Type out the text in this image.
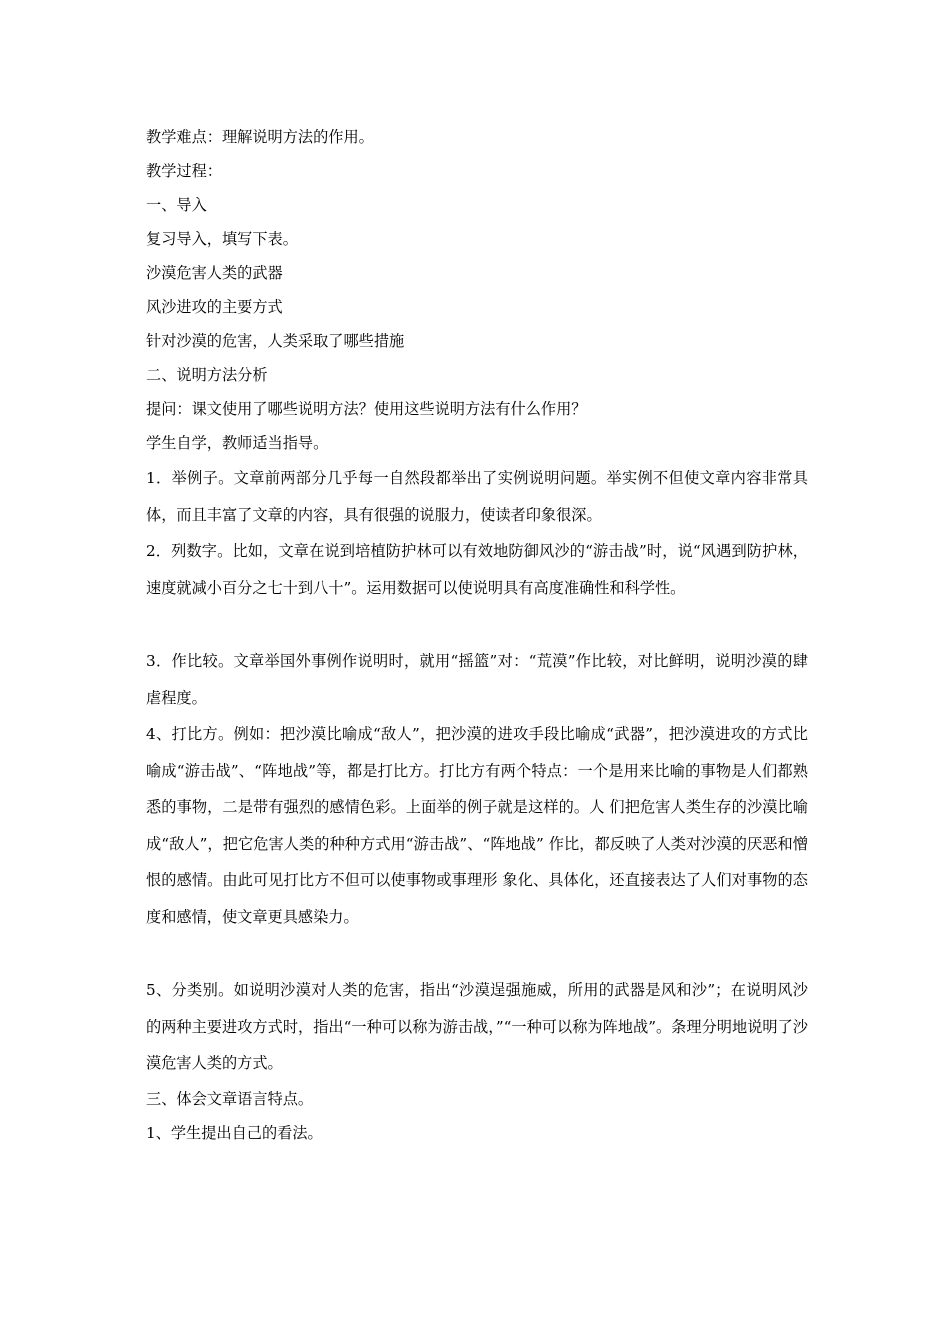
教学难点：理解说明方法的作用。
教学过程：
一、导入
复习导入，填写下表。
沙漠危害人类的武器
风沙进攻的主要方式
针对沙漠的危害，人类采取了哪些措施
二、说明方法分析
提问：课文使用了哪些说明方法？使用这些说明方法有什么作用？
学生自学，教师适当指导。

1．举例子。文章前两部分几乎每一自然段都举出了实例说明问题。举实例不但使文章内容非常具体，而且丰富了文章的内容，具有很强的说服力，使读者印象很深。

2．列数字。比如，文章在说到培植防护林可以有效地防御风沙的“游击战”时，说“风遇到防护林，速度就减小百分之七十到八十”。运用数据可以使说明具有高度准确性和科学性。

3．作比较。文章举国外事例作说明时，就用“摇篮”对：“荒漠”作比较，对比鲜明，说明沙漠的肆虐程度。

4、打比方。例如：把沙漠比喻成“敌人”，把沙漠的进攻手段比喻成“武器”，把沙漠进攻的方式比喻成“游击战”、“阵地战”等，都是打比方。打比方有两个特点：一个是用来比喻的事物是人们都熟悉的事物，二是带有强烈的感情色彩。上面举的例子就是这样的。人 们把危害人类生存的沙漠比喻成“敌人”，把它危害人类的种种方式用“游击战”、“阵地战” 作比，都反映了人类对沙漠的厌恶和憎恨的感情。由此可见打比方不但可以使事物或事理形 象化、具体化，还直接表达了人们对事物的态度和感情，使文章更具感染力。

5、分类别。如说明沙漠对人类的危害，指出“沙漠逞强施威，所用的武器是风和沙”；在说明风沙的两种主要进攻方式时，指出“一种可以称为游击战，”“一种可以称为阵地战”。条理分明地说明了沙漠危害人类的方式。

三、体会文章语言特点。
1、学生提出自己的看法。
